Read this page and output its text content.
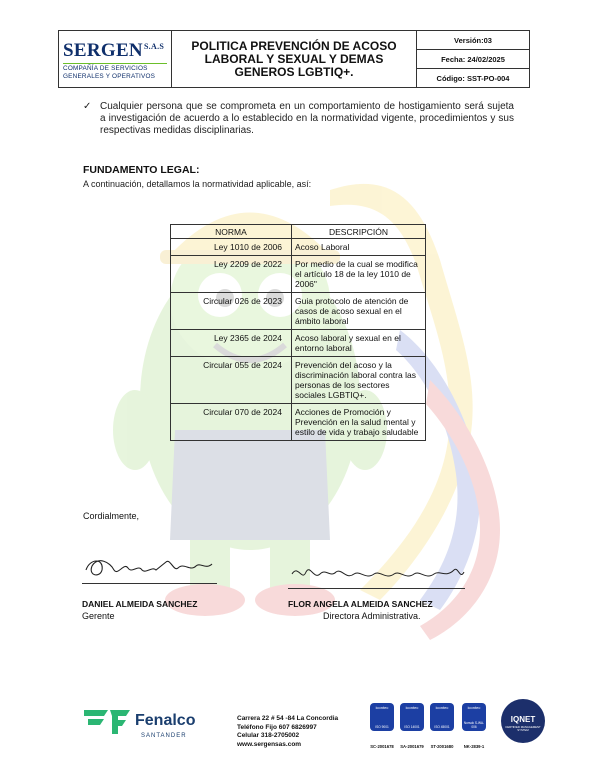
$SERGEN^{S.A.S}$
COMPAÑÍA DE SERVICIOS
GENERALES Y OPERATIVOS
POLITICA PREVENCIÓN DE ACOSO LABORAL Y SEXUAL Y DEMAS GENEROS LGBTIQ+.
Versión:03
Fecha: 24/02/2025
Código: SST-PO-004
✓ Cualquier persona que se comprometa en un comportamiento de hostigamiento será sujeta a investigación de acuerdo a lo establecido en la normatividad vigente, procedimientos y sus respectivas medidas disciplinarias.
FUNDAMENTO LEGAL:
A continuación, detallamos la normatividad aplicable, así:
NORMA	DESCRIPCIÓN
Ley 1010 de 2006	Acoso Laboral
Ley 2209 de 2022	Por medio de la cual se modifica el artículo 18 de la ley 1010 de 2006"
Circular 026 de 2023	Guia protocolo de atención de casos de acoso sexual en el ámbito laboral
Ley 2365 de 2024	Acoso laboral y sexual en el entorno laboral
Circular 055 de 2024	Prevención del acoso y la discriminación laboral contra las personas de los sectores sociales LGBTIQ+.
Circular 070 de 2024	Acciones de Promoción y Prevención en la salud mental y estilo de vida y trabajo saludable
Cordialmente,
DANIEL ALMEIDA SANCHEZ
Gerente
FLOR ANGELA ALMEIDA SANCHEZ
Directora Administrativa.
Fenalco
SANTANDER
Carrera 22 # 54 -84 La Concordia
Teléfono Fijo 607 6826997
Celular 318-2705002
www.sergensas.com
icontec
ISO 9001
icontec
ISO 14001
icontec
ISO 45001
icontec
Norsok S-WA-006
SC-2001678	SA-2001679	ST-2001680	NK-2839-1
IQNET
CERTIFIED MANAGEMENT SYSTEM
